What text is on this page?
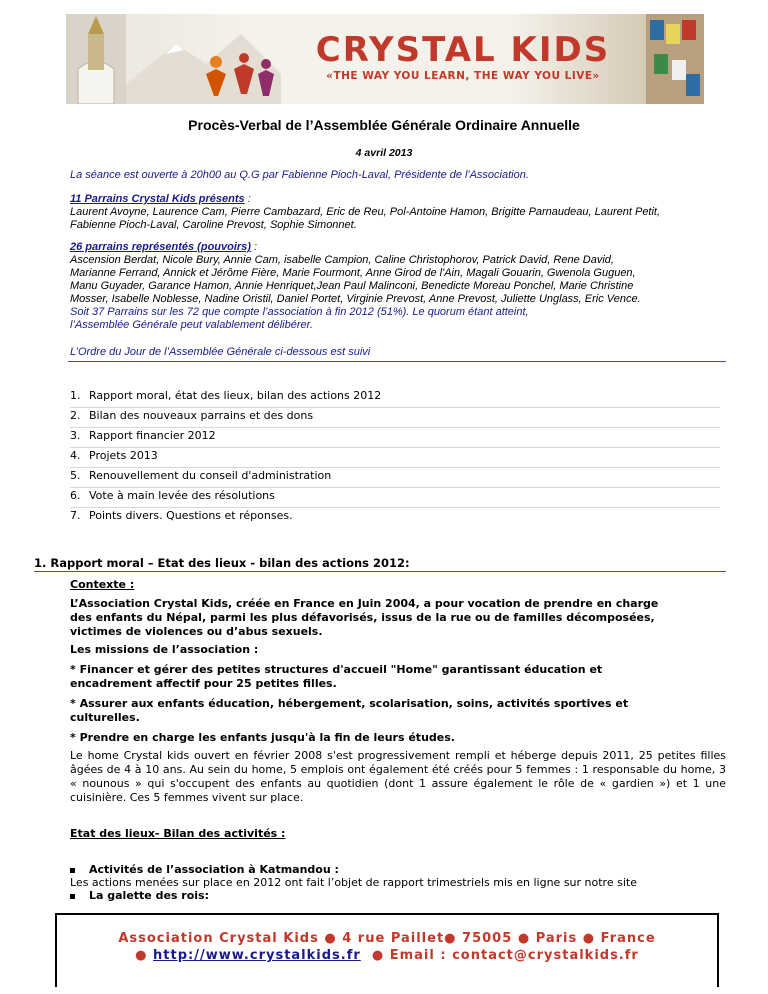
CRYSTAL KIDS
«THE WAY YOU LEARN, THE WAY YOU LIVE»
Procès-Verbal de l’Assemblée Générale Ordinaire Annuelle
4 avril 2013
La séance est ouverte à 20h00 au Q.G par Fabienne Pioch-Laval, Présidente de l'Association.
11 Parrains Crystal Kids présents :
Laurent Avoyne, Laurence Cam, Pierre Cambazard, Eric de Reu, Pol-Antoine Hamon, Brigitte Parnaudeau, Laurent Petit,
Fabienne Pioch-Laval, Caroline Prevost, Sophie Simonnet.
26 parrains représentés (pouvoirs) :
Ascension Berdat, Nicole Bury, Annie Cam, isabelle Campion, Caline Christophorov, Patrick David, Rene David,
Marianne Ferrand, Annick et Jérôme Fière, Marie Fourmont, Anne Girod de l'Ain, Magali Gouarin, Gwenola Guguen,
Manu Guyader, Garance Hamon, Annie Henriquet,Jean Paul Malinconi, Benedicte Moreau Ponchel, Marie Christine
Mosser, Isabelle Noblesse, Nadine Oristil, Daniel Portet, Virginie Prevost, Anne Prevost, Juliette Unglass, Eric Vence.
Soit 37 Parrains sur les 72 que compte l’association à fin 2012 (51%). Le quorum étant atteint,
l’Assemblée Générale peut valablement délibérer.
L’Ordre du Jour de l’Assemblée Générale ci-dessous est suivi
1. Rapport moral, état des lieux, bilan des actions 2012
2. Bilan des nouveaux parrains et des dons
3. Rapport financier 2012
4. Projets 2013
5. Renouvellement du conseil d'administration
6. Vote à main levée des résolutions
7. Points divers. Questions et réponses.
1. Rapport moral – Etat des lieux - bilan des actions 2012:
Contexte :
L’Association Crystal Kids, créée en France en Juin 2004, a pour vocation de prendre en charge
des enfants du Népal, parmi les plus défavorisés, issus de la rue ou de familles décomposées,
victimes de violences ou d’abus sexuels.
Les missions de l’association :
* Financer et gérer des petites structures d'accueil "Home" garantissant éducation et
encadrement affectif pour 25 petites filles.
* Assurer aux enfants éducation, hébergement, scolarisation, soins, activités sportives et
culturelles.
* Prendre en charge les enfants jusqu'à la fin de leurs études.
Le home Crystal kids ouvert en février 2008 s'est progressivement rempli et héberge depuis 2011, 25 petites filles âgées de 4 à 10 ans. Au sein du home, 5 emplois ont également été créés pour 5 femmes : 1 responsable du home, 3 « nounous » qui s'occupent des enfants au quotidien (dont 1 assure également le rôle de « gardien ») et 1 une cuisinière. Ces 5 femmes vivent sur place.
Etat des lieux- Bilan des activités :
Activités de l’association à Katmandou :
Les actions menées sur place en 2012 ont fait l’objet de rapport trimestriels mis en ligne sur notre site
La galette des rois:
Association Crystal Kids ● 4 rue Paillet● 75005 ● Paris ● France
● http://www.crystalkids.fr ● Email : contact@crystalkids.fr
